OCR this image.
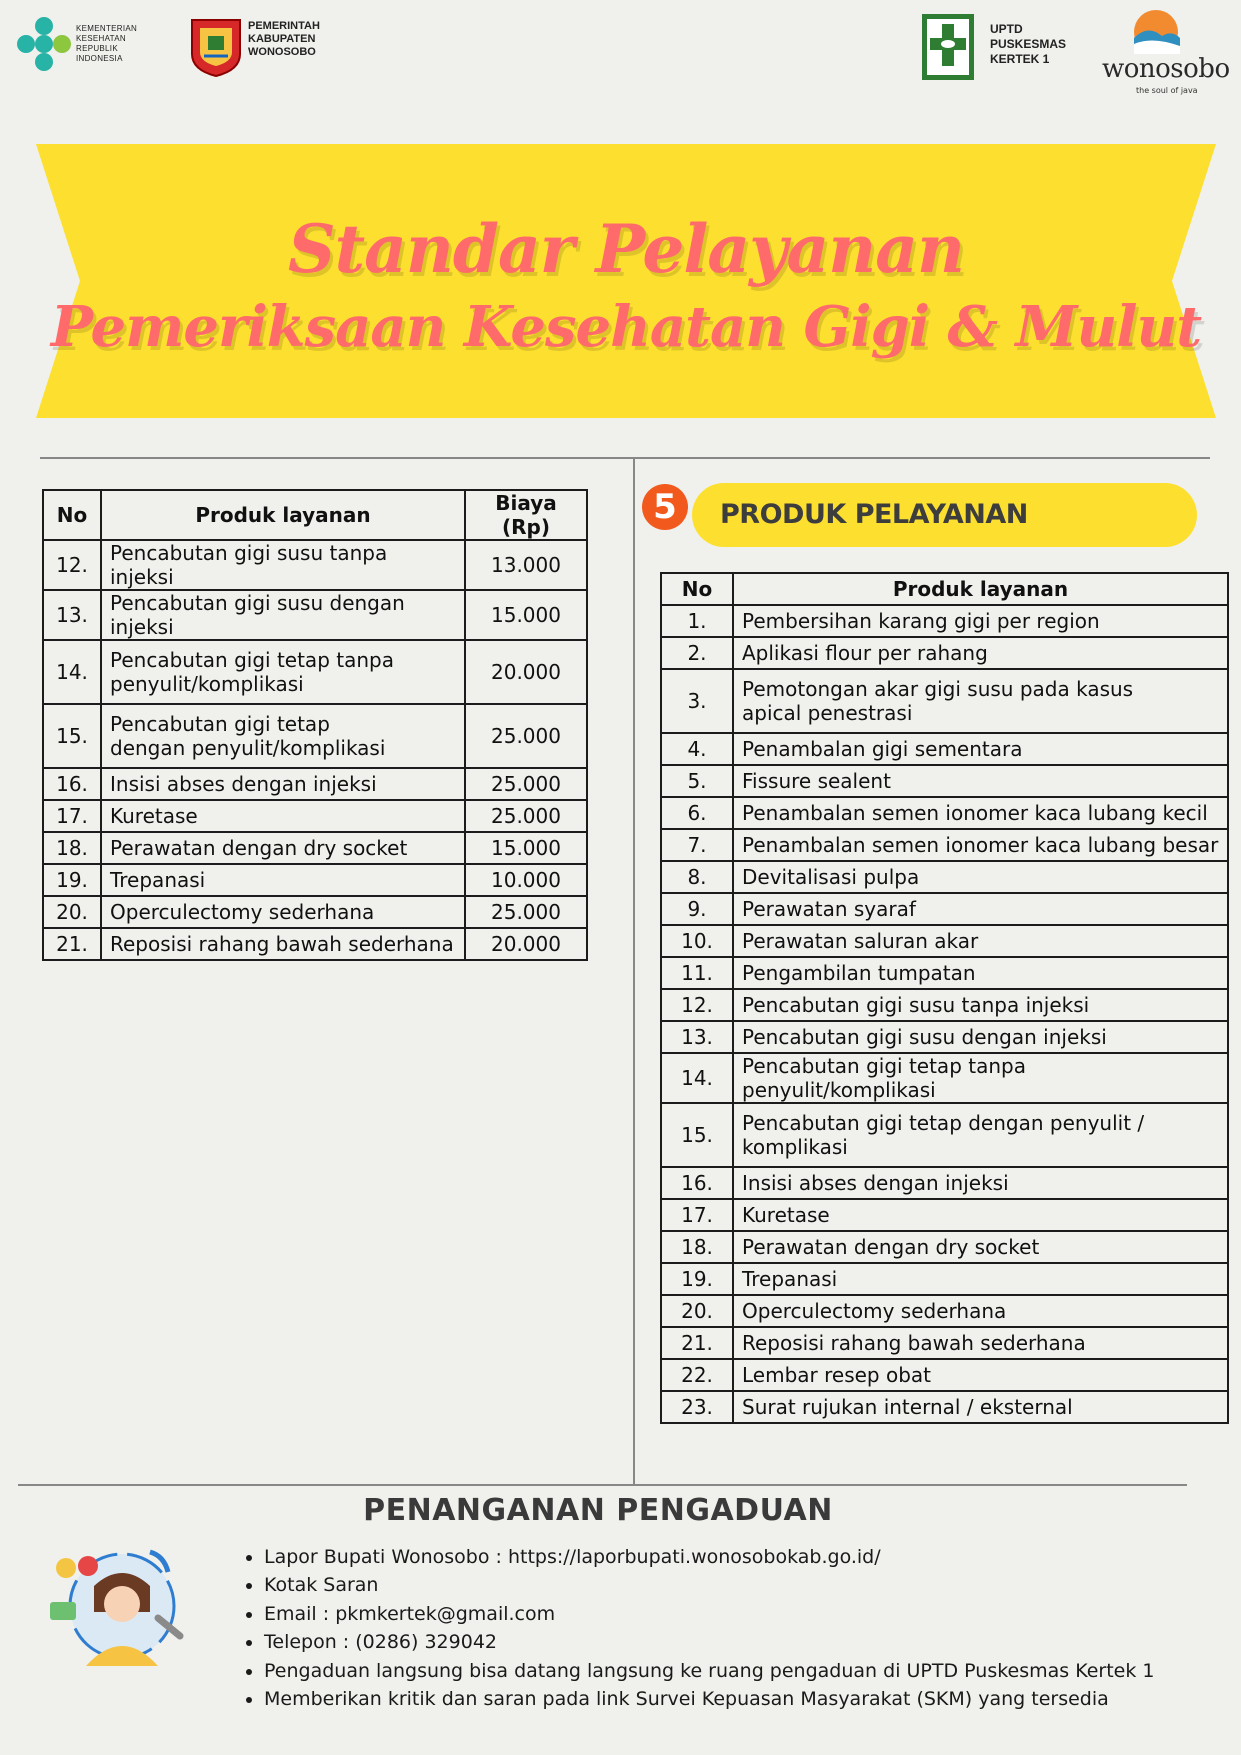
KEMENTERIAN
KESEHATAN
REPUBLIK
INDONESIA
PEMERINTAH
KABUPATEN
WONOSOBO
UPTD
PUSKESMAS
KERTEK 1	wonosobo
the soul of java
Standar Pelayanan
Pemeriksaan Kesehatan Gigi & Mulut
No	Produk layanan	Biaya (Rp)
12.	Pencabutan gigi susu tanpa injeksi	13.000
13.	Pencabutan gigi susu dengan injeksi	15.000
14.	Pencabutan gigi tetap tanpa penyulit/komplikasi	20.000
15.	Pencabutan gigi tetap dengan penyulit/komplikasi	25.000
16.	Insisi abses dengan injeksi	25.000
17.	Kuretase	25.000
18.	Perawatan dengan dry socket	15.000
19.	Trepanasi	10.000
20.	Operculectomy sederhana	25.000
21.	Reposisi rahang bawah sederhana	20.000
PRODUK PELAYANAN
5
No	Produk layanan
1.	Pembersihan karang gigi per region
2.	Aplikasi flour per rahang
3.	Pemotongan akar gigi susu pada kasus apical penestrasi
4.	Penambalan gigi sementara
5.	Fissure sealent
6.	Penambalan semen ionomer kaca lubang kecil
7.	Penambalan semen ionomer kaca lubang besar
8.	Devitalisasi pulpa
9.	Perawatan syaraf
10.	Perawatan saluran akar
11.	Pengambilan tumpatan
12.	Pencabutan gigi susu tanpa injeksi
13.	Pencabutan gigi susu dengan injeksi
14.	Pencabutan gigi tetap tanpa penyulit/komplikasi
15.	Pencabutan gigi tetap dengan penyulit / komplikasi
16.	Insisi abses dengan injeksi
17.	Kuretase
18.	Perawatan dengan dry socket
19.	Trepanasi
20.	Operculectomy sederhana
21.	Reposisi rahang bawah sederhana
22.	Lembar resep obat
23.	Surat rujukan internal / eksternal
PENANGANAN PENGADUAN
• Lapor Bupati Wonosobo : https://laporbupati.wonosobokab.go.id/
• Kotak Saran
• Email : pkmkertek@gmail.com
• Telepon : (0286) 329042
• Pengaduan langsung bisa datang langsung ke ruang pengaduan di UPTD Puskesmas Kertek 1
• Memberikan kritik dan saran pada link Survei Kepuasan Masyarakat (SKM) yang tersedia
